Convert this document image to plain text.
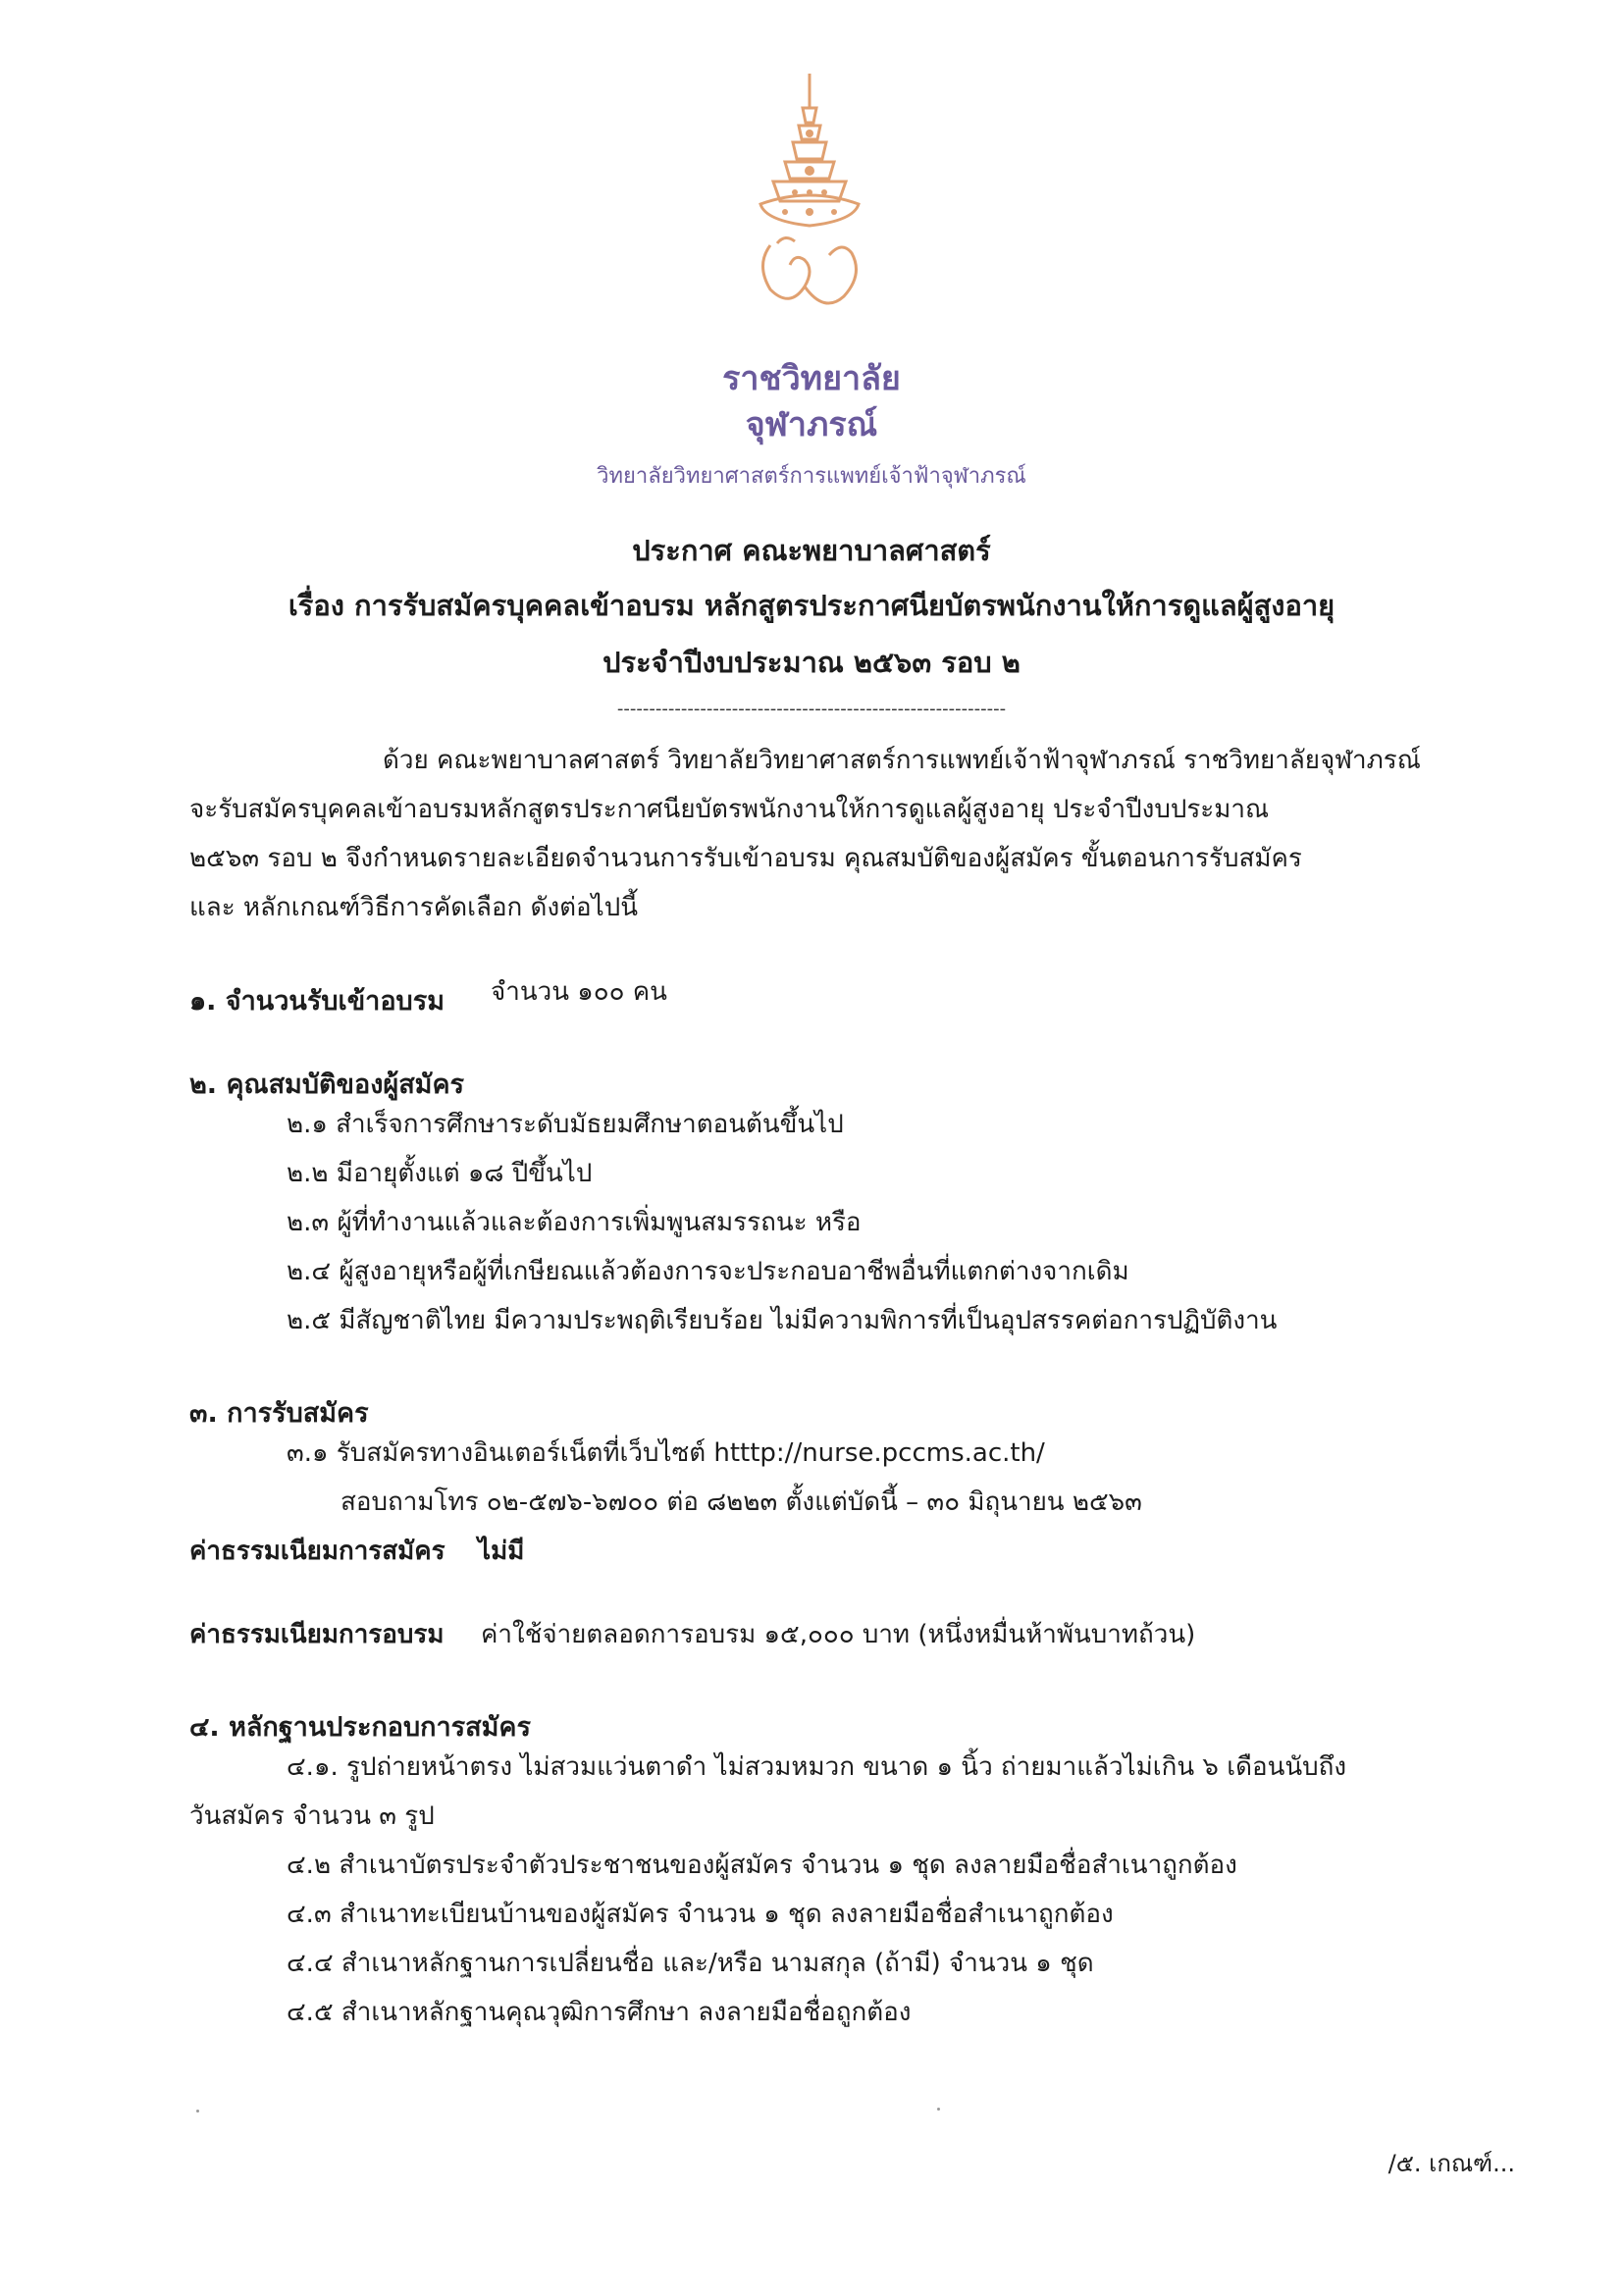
ราชวิทยาลัย
จุฬาภรณ์
วิทยาลัยวิทยาศาสตร์การแพทย์เจ้าฟ้าจุฬาภรณ์
ประกาศ คณะพยาบาลศาสตร์
เรื่อง การรับสมัครบุคคลเข้าอบรม หลักสูตรประกาศนียบัตรพนักงานให้การดูแลผู้สูงอายุ
ประจำปีงบประมาณ ๒๕๖๓ รอบ ๒
-------------------------------------------------------------
ด้วย คณะพยาบาลศาสตร์ วิทยาลัยวิทยาศาสตร์การแพทย์เจ้าฟ้าจุฬาภรณ์ ราชวิทยาลัยจุฬาภรณ์
จะรับสมัครบุคคลเข้าอบรมหลักสูตรประกาศนียบัตรพนักงานให้การดูแลผู้สูงอายุ ประจำปีงบประมาณ
๒๕๖๓ รอบ ๒ จึงกำหนดรายละเอียดจำนวนการรับเข้าอบรม คุณสมบัติของผู้สมัคร ขั้นตอนการรับสมัคร
และ หลักเกณฑ์วิธีการคัดเลือก ดังต่อไปนี้
๑. จำนวนรับเข้าอบรม จำนวน ๑๐๐ คน
๒. คุณสมบัติของผู้สมัคร
๒.๑ สำเร็จการศึกษาระดับมัธยมศึกษาตอนต้นขึ้นไป
๒.๒ มีอายุตั้งแต่ ๑๘ ปีขึ้นไป
๒.๓ ผู้ที่ทำงานแล้วและต้องการเพิ่มพูนสมรรถนะ หรือ
๒.๔ ผู้สูงอายุหรือผู้ที่เกษียณแล้วต้องการจะประกอบอาชีพอื่นที่แตกต่างจากเดิม
๒.๕ มีสัญชาติไทย มีความประพฤติเรียบร้อย ไม่มีความพิการที่เป็นอุปสรรคต่อการปฏิบัติงาน
๓. การรับสมัคร
๓.๑ รับสมัครทางอินเตอร์เน็ตที่เว็บไซต์ htttp://nurse.pccms.ac.th/
สอบถามโทร ๐๒-๕๗๖-๖๗๐๐ ต่อ ๘๒๒๓ ตั้งแต่บัดนี้ – ๓๐ มิถุนายน ๒๕๖๓
ค่าธรรมเนียมการสมัคร ไม่มี
ค่าธรรมเนียมการอบรม ค่าใช้จ่ายตลอดการอบรม ๑๕,๐๐๐ บาท (หนึ่งหมื่นห้าพันบาทถ้วน)
๔. หลักฐานประกอบการสมัคร
๔.๑. รูปถ่ายหน้าตรง ไม่สวมแว่นตาดำ ไม่สวมหมวก ขนาด ๑ นิ้ว ถ่ายมาแล้วไม่เกิน ๖ เดือนนับถึง
วันสมัคร จำนวน ๓ รูป
๔.๒ สำเนาบัตรประจำตัวประชาชนของผู้สมัคร จำนวน ๑ ชุด ลงลายมือชื่อสำเนาถูกต้อง
๔.๓ สำเนาทะเบียนบ้านของผู้สมัคร จำนวน ๑ ชุด ลงลายมือชื่อสำเนาถูกต้อง
๔.๔ สำเนาหลักฐานการเปลี่ยนชื่อ และ/หรือ นามสกุล (ถ้ามี) จำนวน ๑ ชุด
๔.๕ สำเนาหลักฐานคุณวุฒิการศึกษา ลงลายมือชื่อถูกต้อง
/๕. เกณฑ์...
